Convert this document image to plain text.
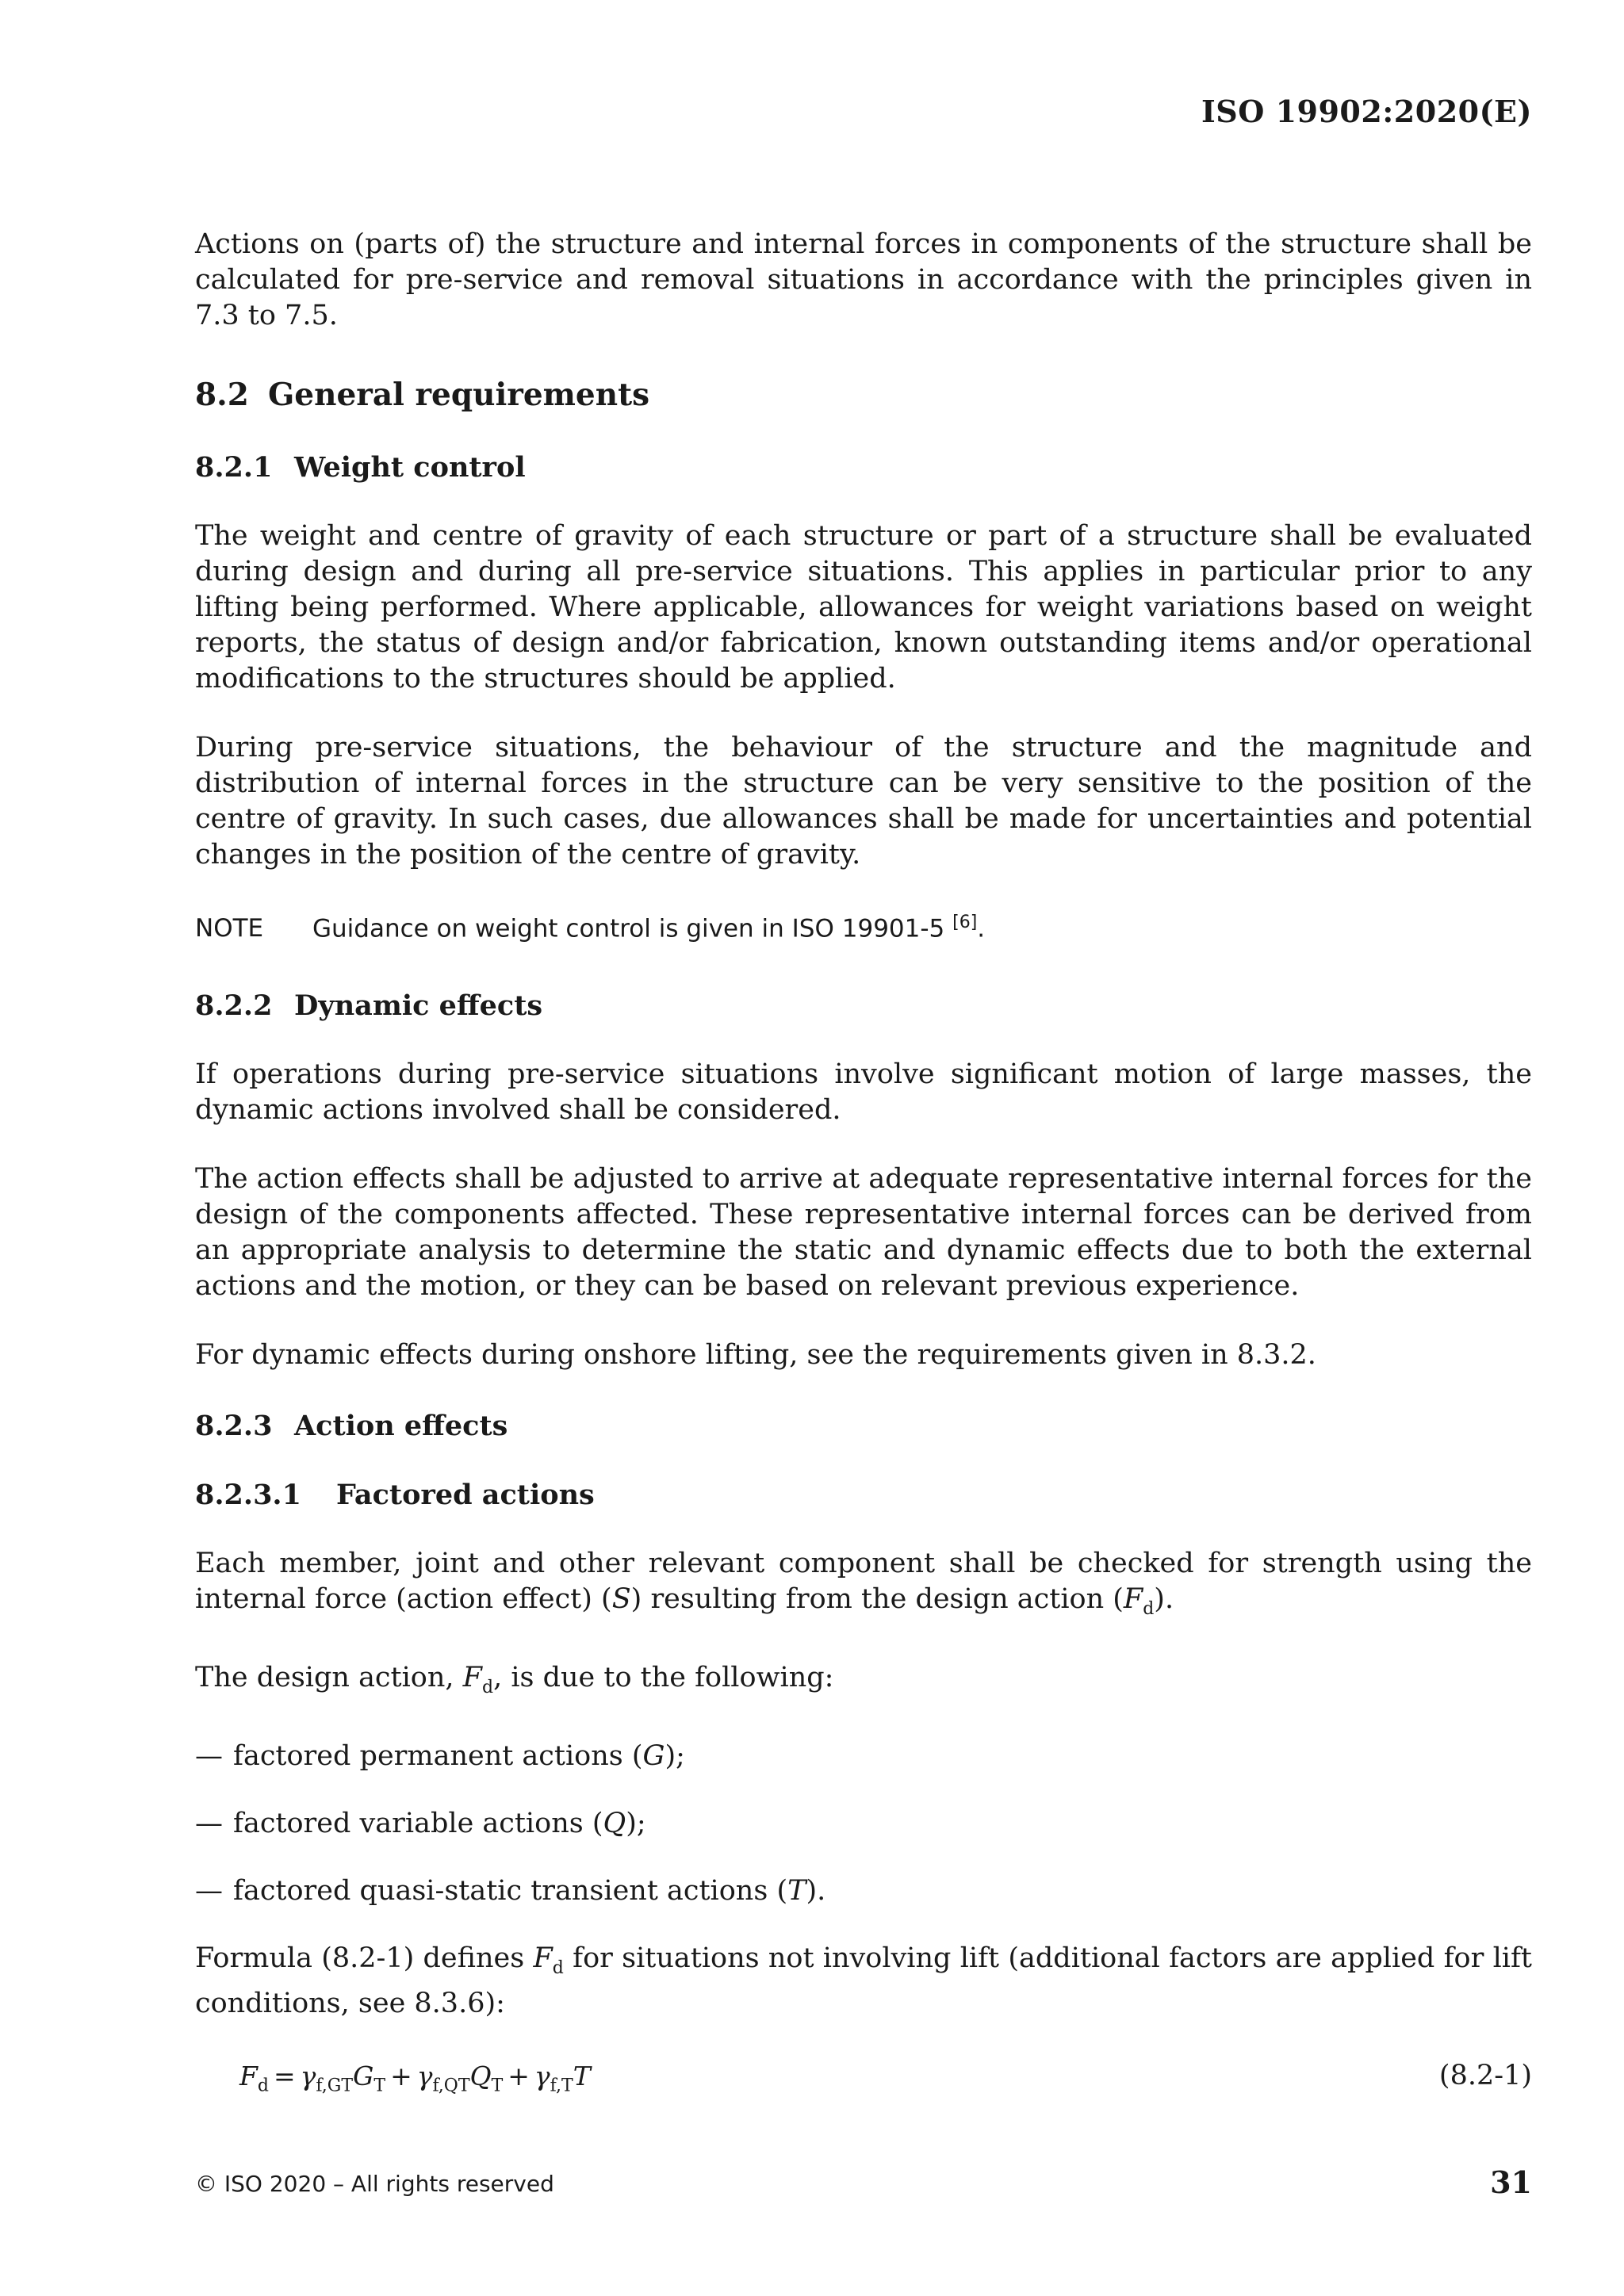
ISO 19902:2020(E)

Actions on (parts of) the structure and internal forces in components of the structure shall be calculated for pre-service and removal situations in accordance with the principles given in 7.3 to 7.5.

8.2 General requirements
8.2.1 Weight control

The weight and centre of gravity of each structure or part of a structure shall be evaluated during design and during all pre-service situations. This applies in particular prior to any lifting being performed. Where applicable, allowances for weight variations based on weight reports, the status of design and/or fabrication, known outstanding items and/or operational modifications to the structures should be applied.

During pre-service situations, the behaviour of the structure and the magnitude and distribution of internal forces in the structure can be very sensitive to the position of the centre of gravity. In such cases, due allowances shall be made for uncertainties and potential changes in the position of the centre of gravity.

NOTE Guidance on weight control is given in ISO 19901-5 [6].
8.2.2 Dynamic effects

If operations during pre-service situations involve significant motion of large masses, the dynamic actions involved shall be considered.

The action effects shall be adjusted to arrive at adequate representative internal forces for the design of the components affected. These representative internal forces can be derived from an appropriate analysis to determine the static and dynamic effects due to both the external actions and the motion, or they can be based on relevant previous experience.

For dynamic effects during onshore lifting, see the requirements given in 8.3.2.

8.2.3 Action effects
8.2.3.1 Factored actions

Each member, joint and other relevant component shall be checked for strength using the internal force (action effect) (S) resulting from the design action $(F_d)$.

The design action, $F_d$, is due to the following:

— factored permanent actions (G);
— factored variable actions (Q);
— factored quasi-static transient actions (T).

Formula (8.2-1) defines $F_d$ for situations not involving lift (additional factors are applied for lift conditions, see 8.3.6):

$F_d = \gamma_{f,GT}G_T + \gamma_{f,QT}Q_T + \gamma_{f,T}T$	(8.2-1)
© ISO 2020 – All rights reserved	31
